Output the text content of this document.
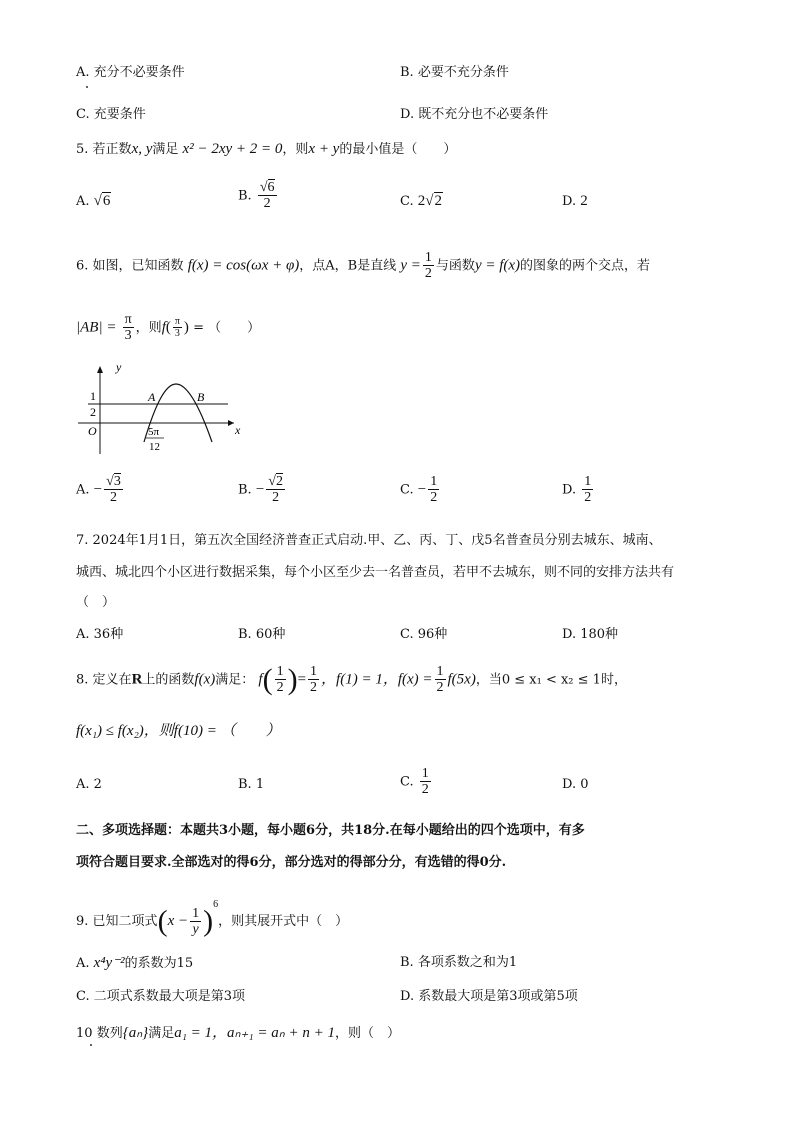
A. 充分不必要条件	B. 必要不充分条件
C. 充要条件	D. 既不充分也不必要条件
5. 若正数x, y满足 x² − 2xy + 2 = 0，则x + y的最小值是（　　）
A. √6	B. $\frac{√6}{2}$	C. 2√2	D. 2
6. 如图，已知函数 f(x) = cos(ωx + φ)，点A，B是直线 $y = \frac{1}{2}$ 与函数y = f(x)的图象的两个交点，若
$|AB| = \frac{\pi}{3}$ ，则$f( \frac{\pi}{3}$ ) = （　　）
y
x
O
1
2
A	B
5π
12
A. − $\frac{√3}{2}$	B. − $\frac{√2}{2}$	C. − $\frac{1}{2}$	D. $\frac{1}{2}$
7. 2024年1月1日，第五次全国经济普查正式启动.甲、乙、丙、丁、戊5名普查员分别去城东、城南、
城西、城北四个小区进行数据采集，每个小区至少去一名普查员，若甲不去城东，则不同的安排方法共有
（　）
A. 36种	B. 60种	C. 96种	D. 180种
8. 定义在R上的函数f(x)满足： $f( \frac{1}{2}$ )= $\frac{1}{2}$ ，f(1) = 1，$f(x) = \frac{1}{2} f(5x)$，当0 ≤ x₁ < x₂ ≤ 1时，
f(x₁) ≤ f(x₂)，则f(10) = （　　）
A. 2	B. 1	C. $\frac{1}{2}$	D. 0
二、多项选择题：本题共3小题，每小题6分，共18分.在每小题给出的四个选项中，有多
项符合题目要求.全部选对的得6分，部分选对的得部分分，有选错的得0分.
9. 已知二项式$(x - \frac{1}{y} )^6$，则其展开式中（　）
A. x⁴y⁻²的系数为15	B. 各项系数之和为1
C. 二项式系数最大项是第3项	D. 系数最大项是第3项或第5项
10 数列{aₙ}满足a₁ = 1，aₙ₊₁ = aₙ + n + 1，则（　）
